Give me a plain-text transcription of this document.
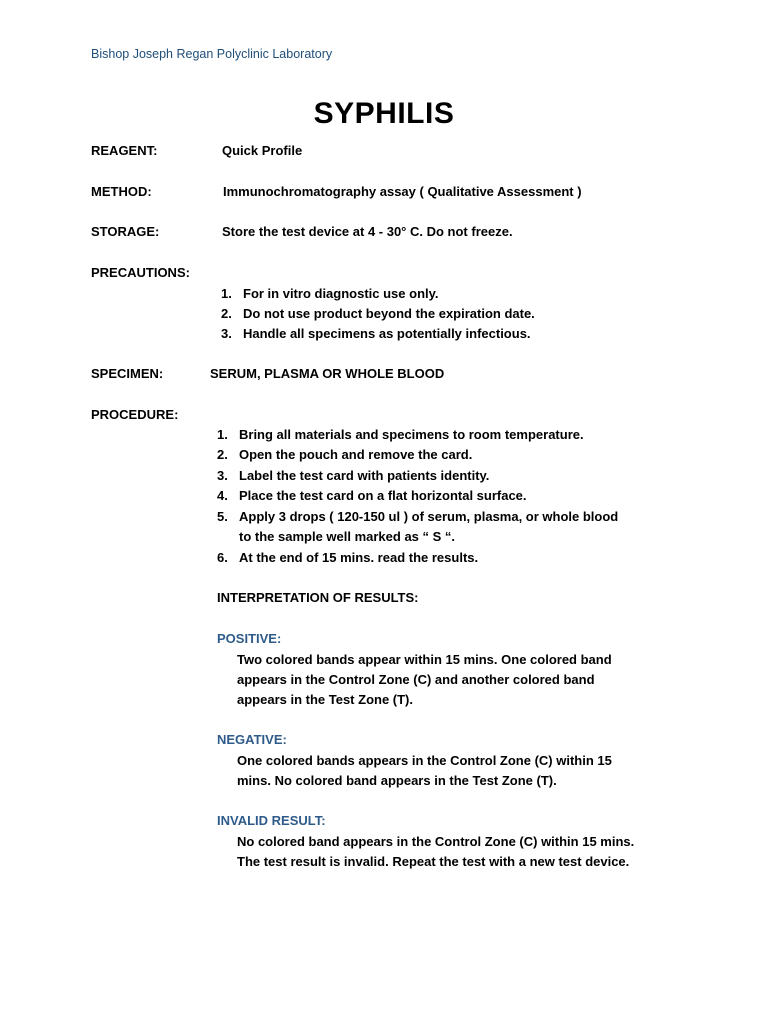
Bishop Joseph Regan Polyclinic Laboratory
SYPHILIS
REAGENT:	Quick Profile
METHOD:	Immunochromatography assay ( Qualitative Assessment )
STORAGE:	Store the test device at 4 - 30° C. Do not freeze.
PRECAUTIONS:
1. For in vitro diagnostic use only.
2. Do not use product beyond the expiration date.
3. Handle all specimens as potentially infectious.
SPECIMEN:	SERUM, PLASMA OR WHOLE BLOOD
PROCEDURE:
1. Bring all materials and specimens to room temperature.
2. Open the pouch and remove the card.
3. Label the test card with patients identity.
4. Place the test card on a flat horizontal surface.
5. Apply 3 drops ( 120-150 ul ) of serum, plasma, or whole blood
to the sample well marked as “ S “.
6. At the end of 15 mins. read the results.
INTERPRETATION OF RESULTS:
POSITIVE:
Two colored bands appear within 15 mins. One colored band appears in the Control Zone (C) and another colored band appears in the Test Zone (T).
NEGATIVE:
One colored bands appears in the Control Zone (C) within 15 mins. No colored band appears in the Test Zone (T).
INVALID RESULT:
No colored band appears in the Control Zone (C) within 15 mins. The test result is invalid. Repeat the test with a new test device.
